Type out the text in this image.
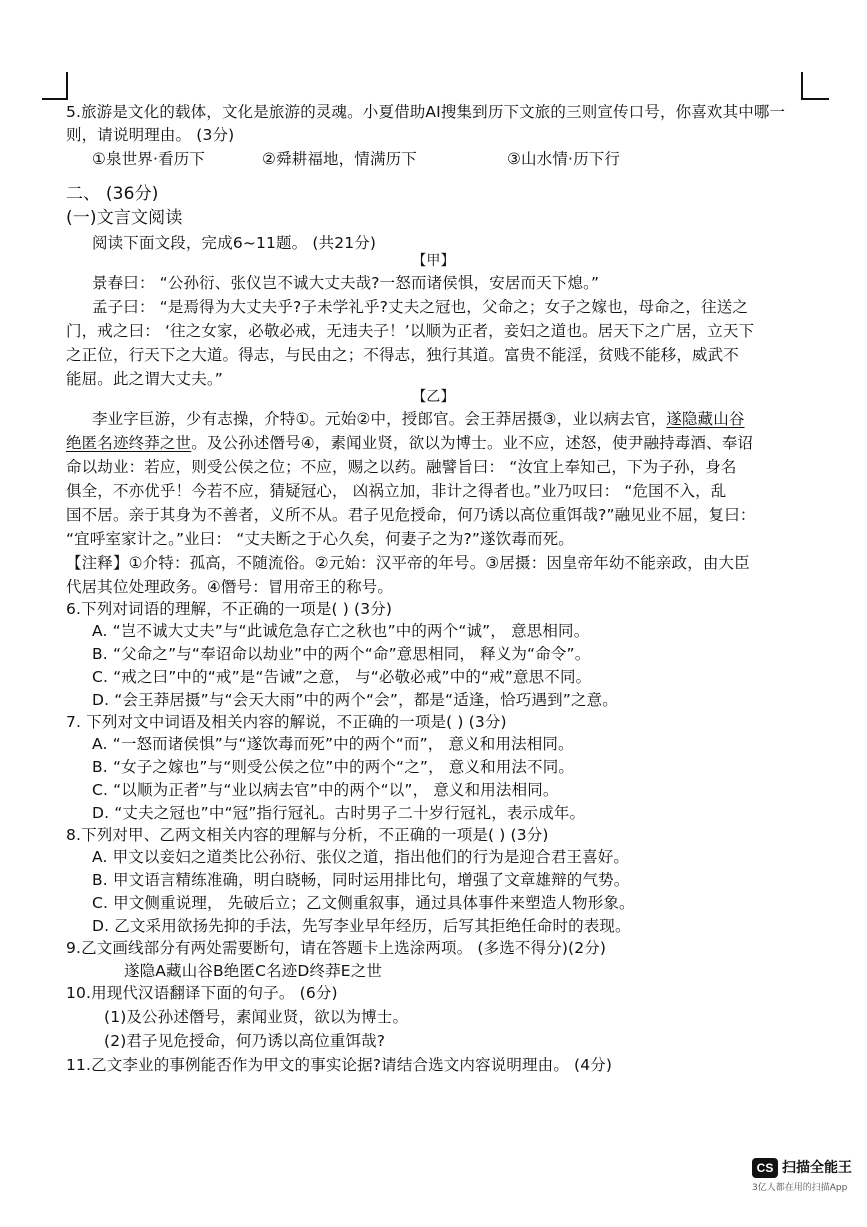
5.旅游是文化的载体，文化是旅游的灵魂。小夏借助AI搜集到历下文旅的三则宣传口号，你喜欢其中哪一
则，请说明理由。 (3分)
①泉世界·看历下	②舜耕福地，情满历下	③山水情·历下行
二、 (36分)
(一)文言文阅读
阅读下面文段，完成6~11题。 (共21分)
【甲】
景春曰： “公孙衍、张仪岂不诚大丈夫哉?一怒而诸侯惧，安居而天下熄。”
孟子曰： “是焉得为大丈夫乎?子未学礼乎?丈夫之冠也，父命之；女子之嫁也，母命之，往送之
门，戒之曰： ‘往之女家，必敬必戒，无违夫子！’以顺为正者，妾妇之道也。居天下之广居，立天下
之正位，行天下之大道。得志，与民由之；不得志，独行其道。富贵不能淫，贫贱不能移，威武不
能屈。此之谓大丈夫。”
【乙】
李业字巨游，少有志操，介特①。元始②中，授郎官。会王莽居摄③，业以病去官，遂隐藏山谷
绝匿名迹终莽之世。及公孙述僭号④，素闻业贤，欲以为博士。业不应，述怒，使尹融持毒酒、奉诏
命以劫业：若应，则受公侯之位；不应，赐之以药。融譬旨曰： “汝宜上奉知己，下为子孙，身名
俱全，不亦优乎！今若不应，猜疑冠心， 凶祸立加，非计之得者也。”业乃叹曰： “危国不入，乱
国不居。亲于其身为不善者，义所不从。君子见危授命，何乃诱以高位重饵哉?”融见业不屈，复曰：
“宜呼室家计之。”业曰： “丈夫断之于心久矣，何妻子之为?”遂饮毒而死。
【注释】①介特：孤高，不随流俗。②元始：汉平帝的年号。③居摄：因皇帝年幼不能亲政，由大臣
代居其位处理政务。④僭号：冒用帝王的称号。
6.下列对词语的理解，不正确的一项是( ) (3分)
A. “岂不诚大丈夫”与“此诚危急存亡之秋也”中的两个“诚”， 意思相同。
B. “父命之”与“奉诏命以劫业”中的两个“命”意思相同， 释义为“命令”。
C. “戒之曰”中的“戒”是“告诫”之意， 与“必敬必戒”中的“戒”意思不同。
D. “会王莽居摄”与“会天大雨”中的两个“会”，都是“适逢，恰巧遇到”之意。
7. 下列对文中词语及相关内容的解说，不正确的一项是( ) (3分)
A. “一怒而诸侯惧”与“遂饮毒而死”中的两个“而”， 意义和用法相同。
B. “女子之嫁也”与“则受公侯之位”中的两个“之”， 意义和用法不同。
C. “以顺为正者”与“业以病去官”中的两个“以”， 意义和用法相同。
D. “丈夫之冠也”中“冠”指行冠礼。古时男子二十岁行冠礼，表示成年。
8.下列对甲、乙两文相关内容的理解与分析，不正确的一项是( ) (3分)
A. 甲文以妾妇之道类比公孙衍、张仪之道，指出他们的行为是迎合君王喜好。
B. 甲文语言精练准确，明白晓畅，同时运用排比句，增强了文章雄辩的气势。
C. 甲文侧重说理， 先破后立；乙文侧重叙事，通过具体事件来塑造人物形象。
D. 乙文采用欲扬先抑的手法，先写李业早年经历，后写其拒绝任命时的表现。
9.乙文画线部分有两处需要断句，请在答题卡上选涂两项。 (多选不得分)(2分)
遂隐A藏山谷B绝匿C名迹D终莽E之世
10.用现代汉语翻译下面的句子。 (6分)
(1)及公孙述僭号，素闻业贤，欲以为博士。
(2)君子见危授命，何乃诱以高位重饵哉?
11.乙文李业的事例能否作为甲文的事实论据?请结合选文内容说明理由。 (4分)
CS 扫描全能王
3亿人都在用的扫描App
